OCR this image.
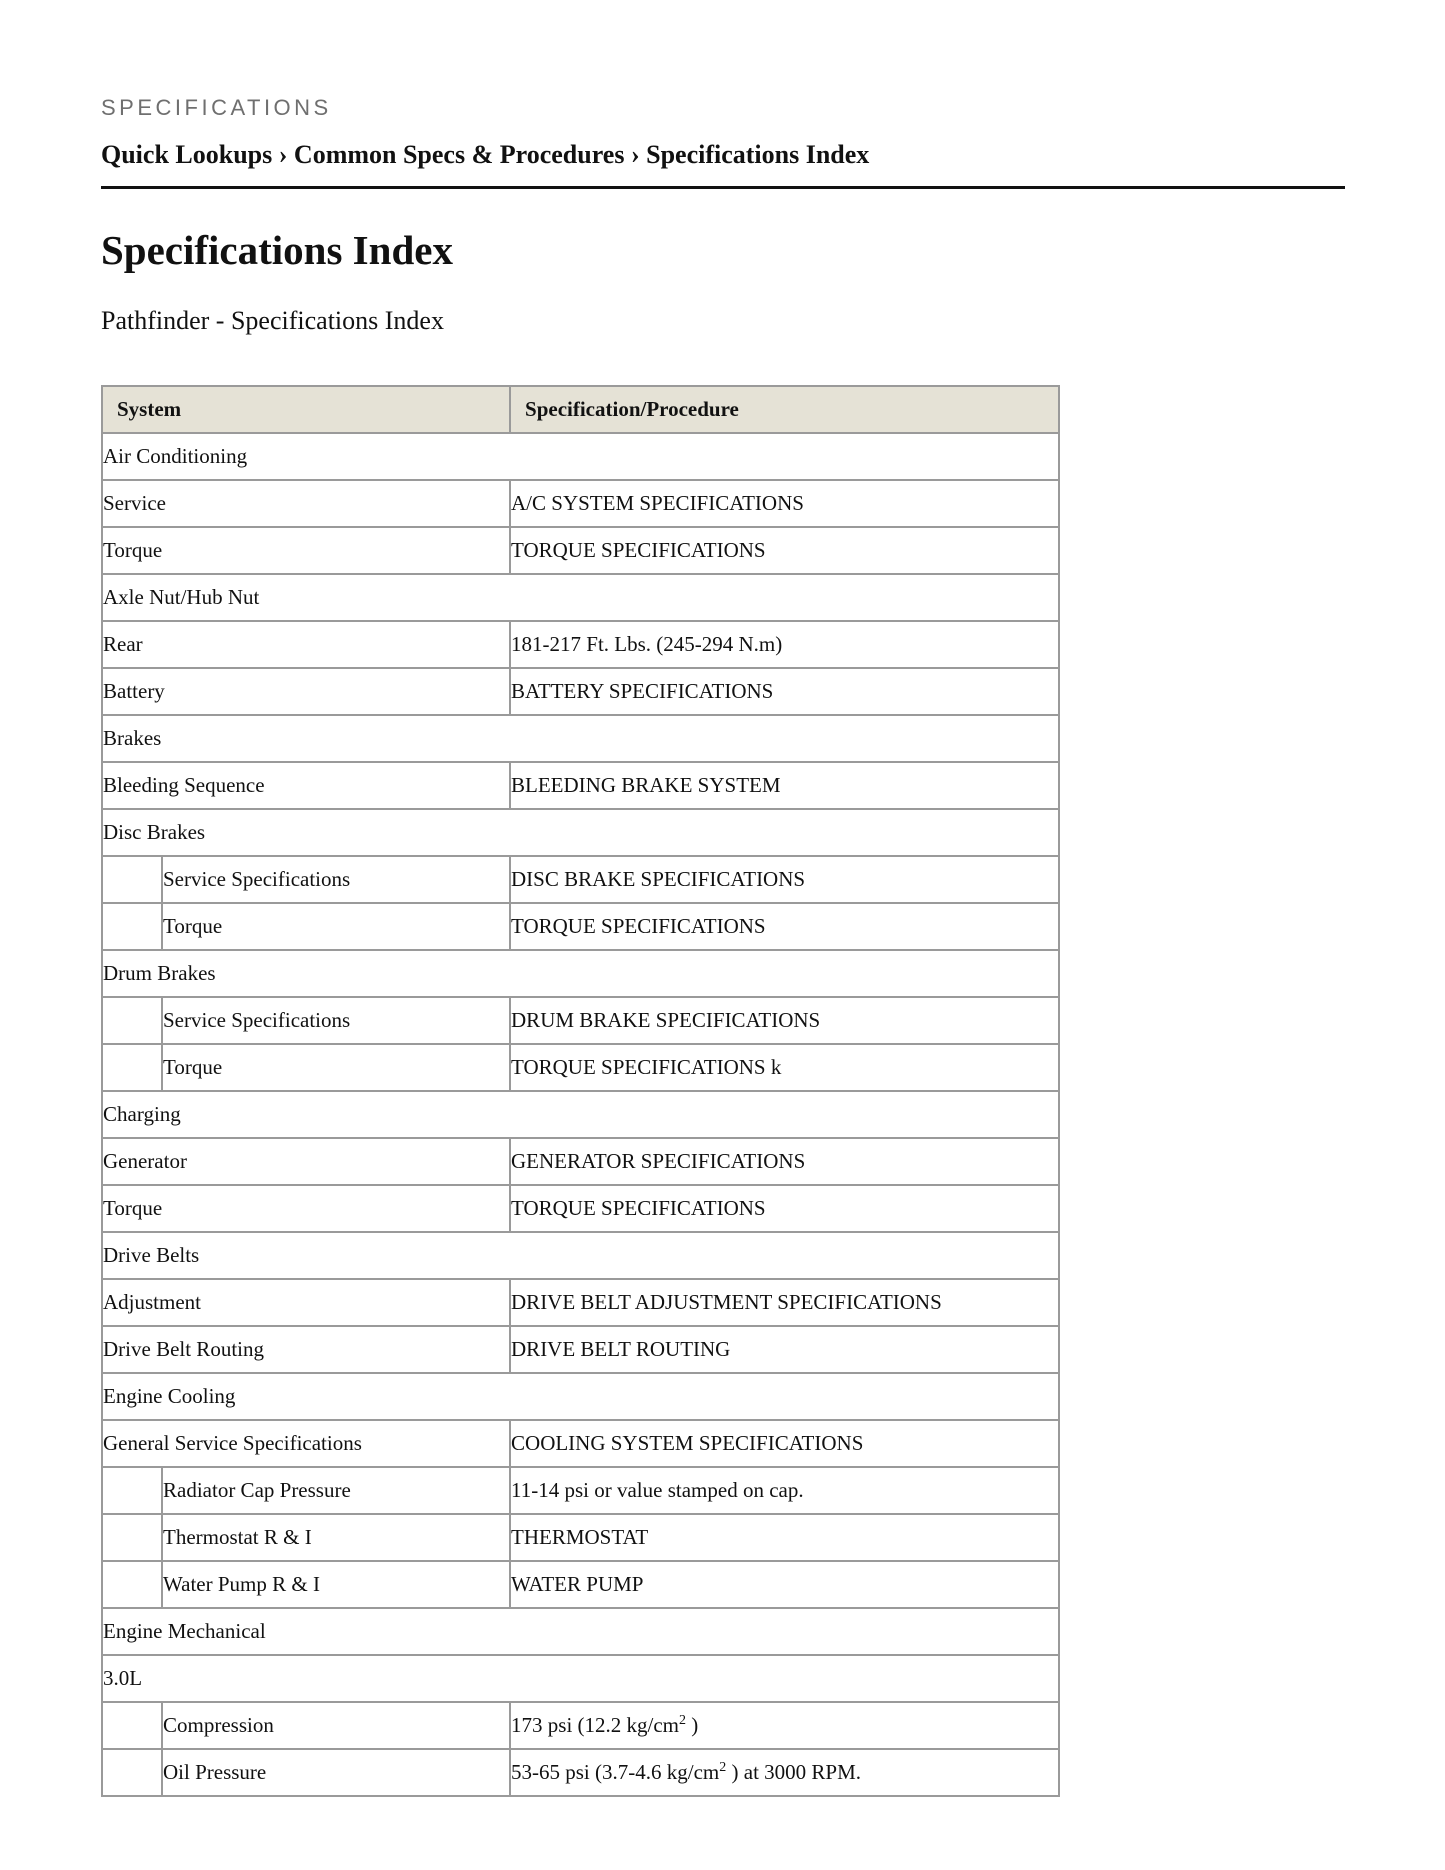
SPECIFICATIONS

Quick Lookups › Common Specs & Procedures › Specifications Index
Specifications Index
Pathfinder - Specifications Index
System		Specification/Procedure
Air Conditioning		
Service		A/C SYSTEM SPECIFICATIONS
Torque		TORQUE SPECIFICATIONS
Axle Nut/Hub Nut		
Rear		181-217 Ft. Lbs. (245-294 N.m)
Battery		BATTERY SPECIFICATIONS
Brakes		
Bleeding Sequence		BLEEDING BRAKE SYSTEM
Disc Brakes		
	Service Specifications	DISC BRAKE SPECIFICATIONS
	Torque	TORQUE SPECIFICATIONS
Drum Brakes		
	Service Specifications	DRUM BRAKE SPECIFICATIONS
	Torque	TORQUE SPECIFICATIONS k
Charging		
Generator		GENERATOR SPECIFICATIONS
Torque		TORQUE SPECIFICATIONS
Drive Belts		
Adjustment		DRIVE BELT ADJUSTMENT SPECIFICATIONS
Drive Belt Routing		DRIVE BELT ROUTING
Engine Cooling		
General Service Specifications		COOLING SYSTEM SPECIFICATIONS
	Radiator Cap Pressure	11-14 psi or value stamped on cap.
	Thermostat R & I	THERMOSTAT
	Water Pump R & I	WATER PUMP
Engine Mechanical		
3.0L		
	Compression	173 psi (12.2 $kg/cm^2$ )
	Oil Pressure	53-65 psi (3.7-4.6 $kg/cm^2$ ) at 3000 RPM.
